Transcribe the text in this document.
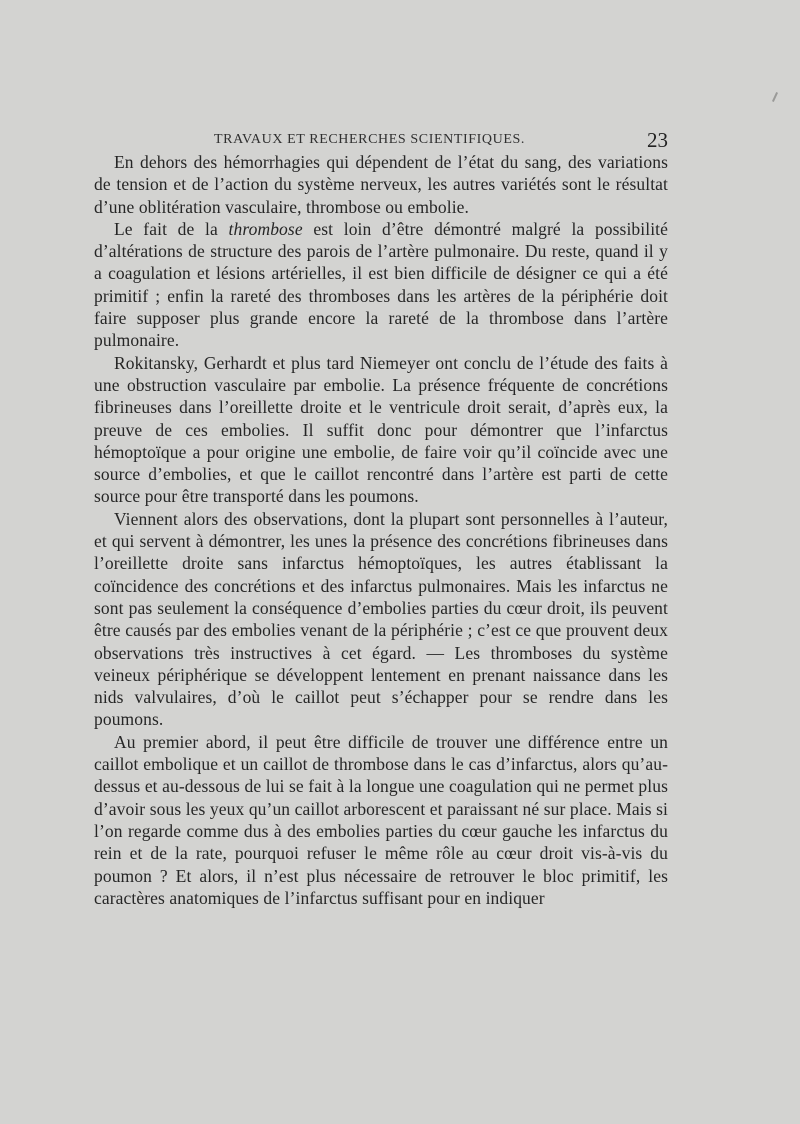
TRAVAUX ET RECHERCHES SCIENTIFIQUES.	23

En dehors des hémorrhagies qui dépendent de l’état du sang, des variations de tension et de l’action du système nerveux, les autres variétés sont le résultat d’une oblitération vasculaire, thrombose ou embolie.

Le fait de la thrombose est loin d’être démontré malgré la possibilité d’altérations de structure des parois de l’artère pulmonaire. Du reste, quand il y a coagulation et lésions artérielles, il est bien difficile de désigner ce qui a été primitif ; enfin la rareté des thromboses dans les artères de la périphérie doit faire supposer plus grande encore la rareté de la thrombose dans l’artère pulmonaire.

Rokitansky, Gerhardt et plus tard Niemeyer ont conclu de l’étude des faits à une obstruction vasculaire par embolie. La présence fréquente de concrétions fibrineuses dans l’oreillette droite et le ventricule droit serait, d’après eux, la preuve de ces embolies. Il suffit donc pour démontrer que l’infarctus hémoptoïque a pour origine une embolie, de faire voir qu’il coïncide avec une source d’embolies, et que le caillot rencontré dans l’artère est parti de cette source pour être transporté dans les poumons.

Viennent alors des observations, dont la plupart sont personnelles à l’auteur, et qui servent à démontrer, les unes la présence des concrétions fibrineuses dans l’oreillette droite sans infarctus hémoptoïques, les autres établissant la coïncidence des concrétions et des infarctus pulmonaires. Mais les infarctus ne sont pas seulement la conséquence d’embolies parties du cœur droit, ils peuvent être causés par des embolies venant de la périphérie ; c’est ce que prouvent deux observations très instructives à cet égard. — Les thromboses du système veineux périphérique se développent lentement en prenant naissance dans les nids valvulaires, d’où le caillot peut s’échapper pour se rendre dans les poumons.

Au premier abord, il peut être difficile de trouver une différence entre un caillot embolique et un caillot de thrombose dans le cas d’infarctus, alors qu’au-dessus et au-dessous de lui se fait à la longue une coagulation qui ne permet plus d’avoir sous les yeux qu’un caillot arborescent et paraissant né sur place. Mais si l’on regarde comme dus à des embolies parties du cœur gauche les infarctus du rein et de la rate, pourquoi refuser le même rôle au cœur droit vis-à-vis du poumon ? Et alors, il n’est plus nécessaire de retrouver le bloc primitif, les caractères anatomiques de l’infarctus suffisant pour en indiquer
